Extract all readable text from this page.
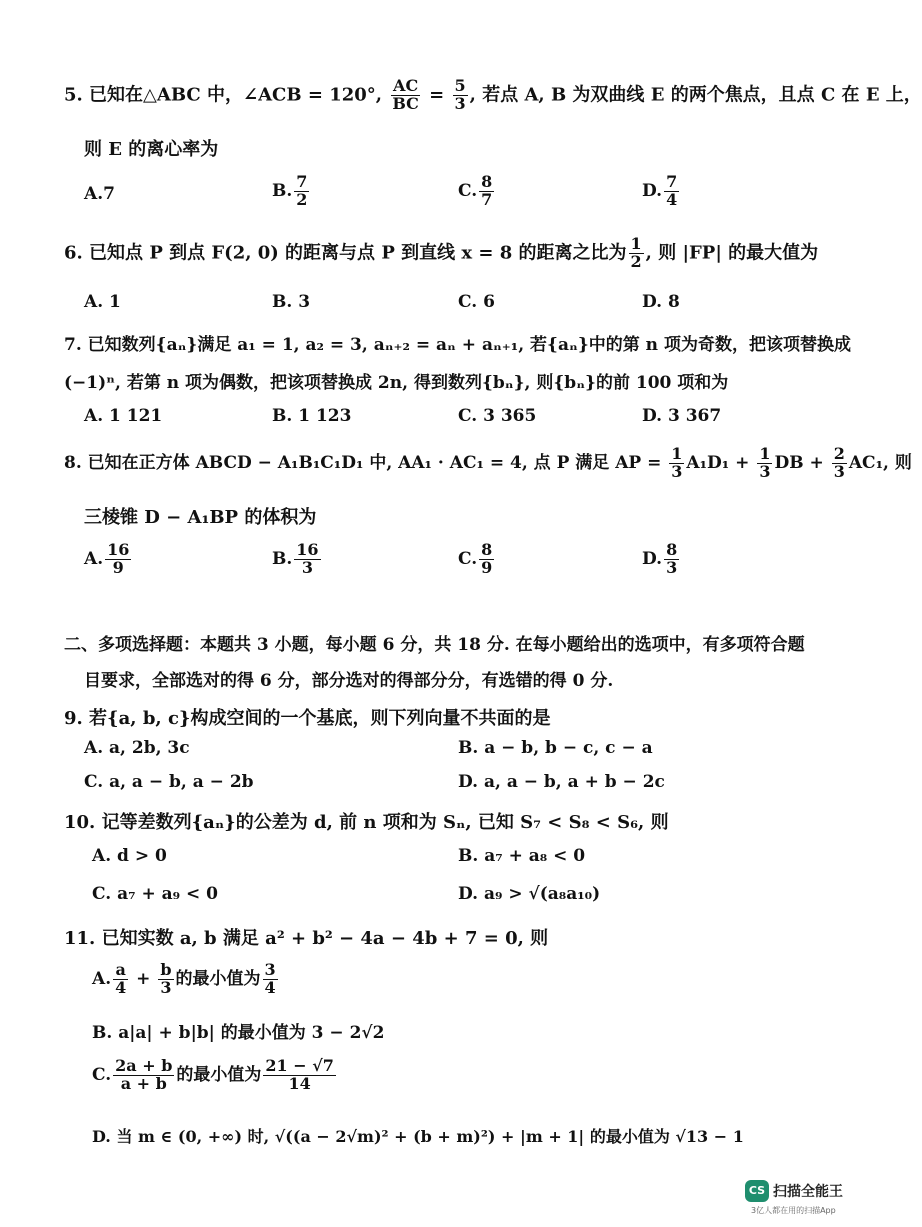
5. 已知在△ABC 中，∠ACB = 120°, $\frac{AC}{BC} = \frac{5}{3}$ , 若点 A, B 为双曲线 E 的两个焦点，且点 C 在 E 上，
则 E 的离心率为
A.7	B. $\frac{7}{2}$	C. $\frac{8}{7}$	D. $\frac{7}{4}$
6. 已知点 P 到点 F(2, 0) 的距离与点 P 到直线 x = 8 的距离之比为 $\frac{1}{2}$ , 则 |FP| 的最大值为
A. 1	B. 3	C. 6	D. 8
7. 已知数列{aₙ}满足 a₁ = 1, a₂ = 3, aₙ₊₂ = aₙ + aₙ₊₁, 若{aₙ}中的第 n 项为奇数，把该项替换成
(−1)ⁿ, 若第 n 项为偶数，把该项替换成 2n, 得到数列{bₙ}, 则{bₙ}的前 100 项和为
A. 1 121	B. 1 123	C. 3 365	D. 3 367
8. 已知在正方体 ABCD − A₁B₁C₁D₁ 中, AA₁ · AC₁ = 4, 点 P 满足 AP = $\frac{1}{3} A_1D_1 + \frac{1}{3}$ DB + $\frac{2}{3} AC_1$, 则
三棱锥 D − A₁BP 的体积为
A. $\frac{16}{9}$	B. $\frac{16}{3}$	C. $\frac{8}{9}$	D. $\frac{8}{3}$
二、多项选择题：本题共 3 小题，每小题 6 分，共 18 分. 在每小题给出的选项中，有多项符合题
目要求，全部选对的得 6 分，部分选对的得部分分，有选错的得 0 分.
9. 若{a, b, c}构成空间的一个基底，则下列向量不共面的是
A. a, 2b, 3c	B. a − b, b − c, c − a
C. a, a − b, a − 2b	D. a, a − b, a + b − 2c
10. 记等差数列{aₙ}的公差为 d, 前 n 项和为 Sₙ, 已知 S₇ < S₈ < S₆, 则
A. d > 0	B. a₇ + a₈ < 0
C. a₇ + a₉ < 0	D. a₉ > √(a₈a₁₀)
11. 已知实数 a, b 满足 a² + b² − 4a − 4b + 7 = 0, 则
A. $\frac{a}{4} + \frac{b}{3}$ 的最小值为 $\frac{3}{4}$
B. a|a| + b|b| 的最小值为 3 − 2√2
C. $\frac{2a + b}{a + b}$ 的最小值为 $\frac{21 - √7}{14}$
D. 当 m ∈ (0, +∞) 时, √((a − 2√m)² + (b + m)²) + |m + 1| 的最小值为 √13 − 1
CS 扫描全能王
3亿人都在用的扫描App
